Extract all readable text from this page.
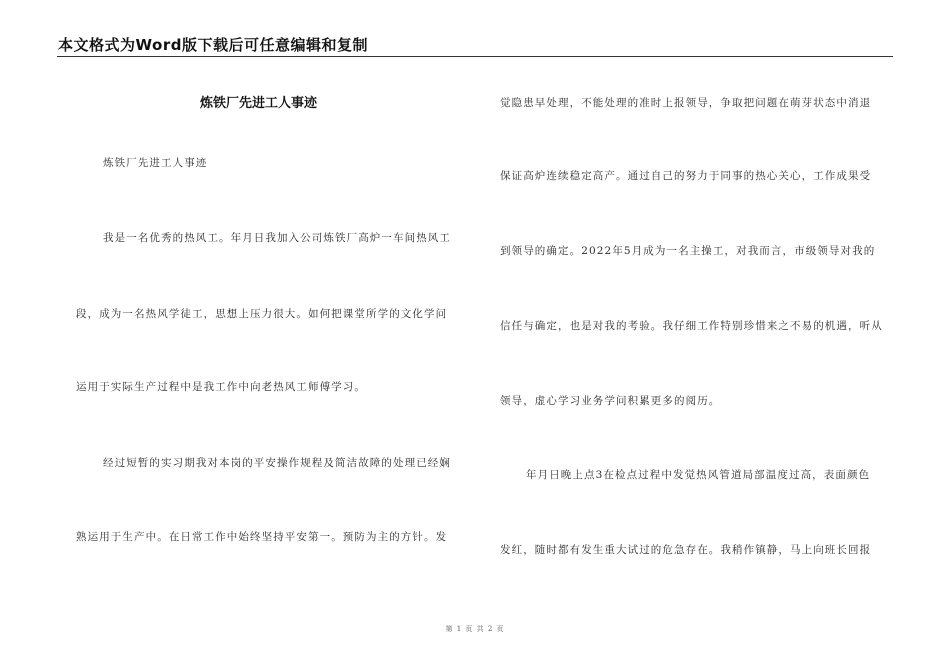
本文格式为Word版下载后可任意编辑和复制
炼铁厂先进工人事迹
炼铁厂先进工人事迹
我是一名优秀的热风工。年月日我加入公司炼铁厂高炉一车间热风工
段，成为一名热风学徒工，思想上压力很大。如何把课堂所学的文化学问
运用于实际生产过程中是我工作中向老热风工师傅学习。
经过短暂的实习期我对本岗的平安操作规程及简洁故障的处理已经娴
熟运用于生产中。在日常工作中始终坚持平安第一。预防为主的方针。发
觉隐患早处理，不能处理的准时上报领导，争取把问题在萌芽状态中消退
保证高炉连续稳定高产。通过自己的努力于同事的热心关心，工作成果受
到领导的确定。2022年5月成为一名主操工，对我而言，市级领导对我的
信任与确定，也是对我的考验。我仔细工作特别珍惜来之不易的机遇，听从
领导，虚心学习业务学问积累更多的阅历。
年月日晚上点3在检点过程中发觉热风管道局部温度过高，表面颜色
发红，随时都有发生重大试过的危急存在。我稍作镇静，马上向班长回报
第 1 页 共 2 页
